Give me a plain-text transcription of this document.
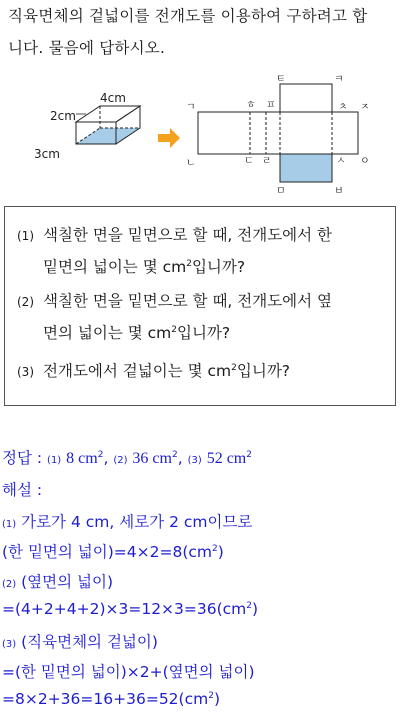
직육면체의 겉넓이를 전개도를 이용하여 구하려고 합
니다. 물음에 답하시오.
4cm
2cm
3cm
ㄱ
ㄴ	ㄷ ㄹ
ㅁ	ㅂ
ㅅ ㅇ
ㅈ
ㅊ
ㅋ
ㅌ
ㅍ
ㅎ
(1) 색칠한 면을 밑면으로 할 때, 전개도에서 한
밑면의 넓이는 몇 $cm^2$입니까?
(2) 색칠한 면을 밑면으로 할 때, 전개도에서 옆
면의 넓이는 몇 $cm^2$입니까?
(3) 전개도에서 겉넓이는 몇 $cm^2$입니까?
정답 : (1) 8 $cm^2$, (2) 36 $cm^2$, (3) 52 $cm^2$
해설 :
(1) 가로가 4 cm, 세로가 2 cm이므로
(한 밑면의 넓이)$=4\times 2=8(cm^2)$
(2) (옆면의 넓이)
$=(4+2+4+2)\times 3=12\times 3=36(cm^2)$
(3) (직육면체의 겉넓이)
=(한 밑면의 넓이)×2+(옆면의 넓이)
$=8\times 2+36=16+36=52(cm^2)$
